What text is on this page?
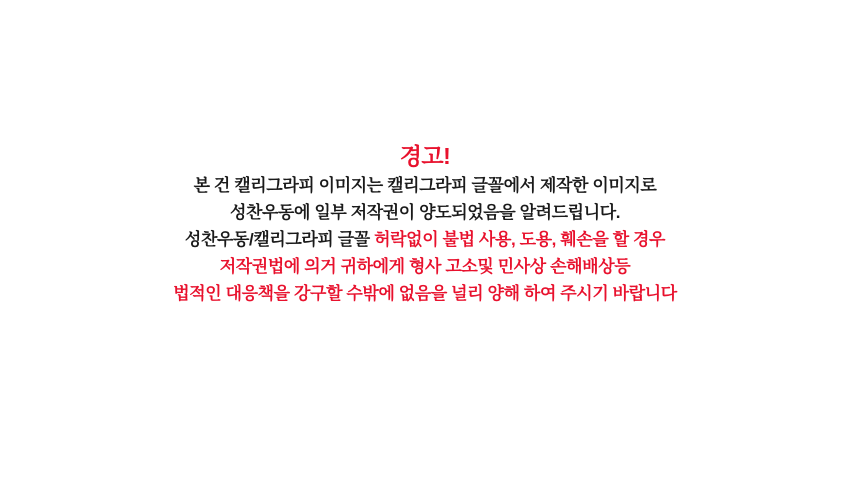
경고!
본 건 캘리그라피 이미지는 캘리그라피 글꼴에서 제작한 이미지로
성찬우동에 일부 저작권이 양도되었음을 알려드립니다.
성찬우동/캘리그라피 글꼴 허락없이 불법 사용, 도용, 훼손을 할 경우
저작권법에 의거 귀하에게 형사 고소및 민사상 손해배상등
법적인 대응책을 강구할 수밖에 없음을 널리 양해 하여 주시기 바랍니다
